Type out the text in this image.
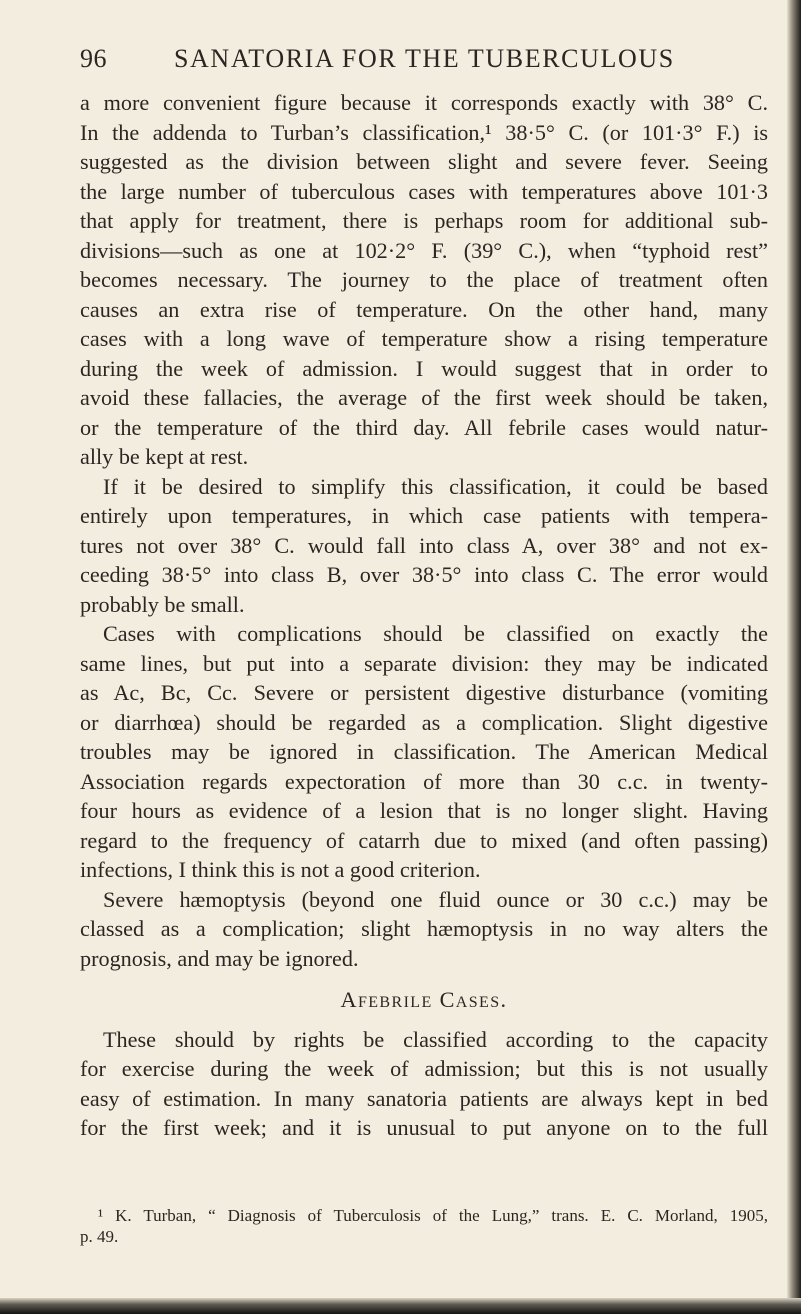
96	SANATORIA FOR THE TUBERCULOUS
a more convenient figure because it corresponds exactly with 38° C.
In the addenda to Turban’s classification,¹ 38·5° C. (or 101·3° F.) is
suggested as the division between slight and severe fever. Seeing
the large number of tuberculous cases with temperatures above 101·3
that apply for treatment, there is perhaps room for additional sub-
divisions—such as one at 102·2° F. (39° C.), when “typhoid rest”
becomes necessary. The journey to the place of treatment often
causes an extra rise of temperature. On the other hand, many
cases with a long wave of temperature show a rising temperature
during the week of admission. I would suggest that in order to
avoid these fallacies, the average of the first week should be taken,
or the temperature of the third day. All febrile cases would natur-
ally be kept at rest.
If it be desired to simplify this classification, it could be based
entirely upon temperatures, in which case patients with tempera-
tures not over 38° C. would fall into class A, over 38° and not ex-
ceeding 38·5° into class B, over 38·5° into class C. The error would
probably be small.
Cases with complications should be classified on exactly the
same lines, but put into a separate division: they may be indicated
as Ac, Bc, Cc. Severe or persistent digestive disturbance (vomiting
or diarrhœa) should be regarded as a complication. Slight digestive
troubles may be ignored in classification. The American Medical
Association regards expectoration of more than 30 c.c. in twenty-
four hours as evidence of a lesion that is no longer slight. Having
regard to the frequency of catarrh due to mixed (and often passing)
infections, I think this is not a good criterion.
Severe hæmoptysis (beyond one fluid ounce or 30 c.c.) may be
classed as a complication; slight hæmoptysis in no way alters the
prognosis, and may be ignored.
Afebrile Cases.
These should by rights be classified according to the capacity
for exercise during the week of admission; but this is not usually
easy of estimation. In many sanatoria patients are always kept in bed
for the first week; and it is unusual to put anyone on to the full
¹ K. Turban, “ Diagnosis of Tuberculosis of the Lung,” trans. E. C. Morland, 1905,
p. 49.
